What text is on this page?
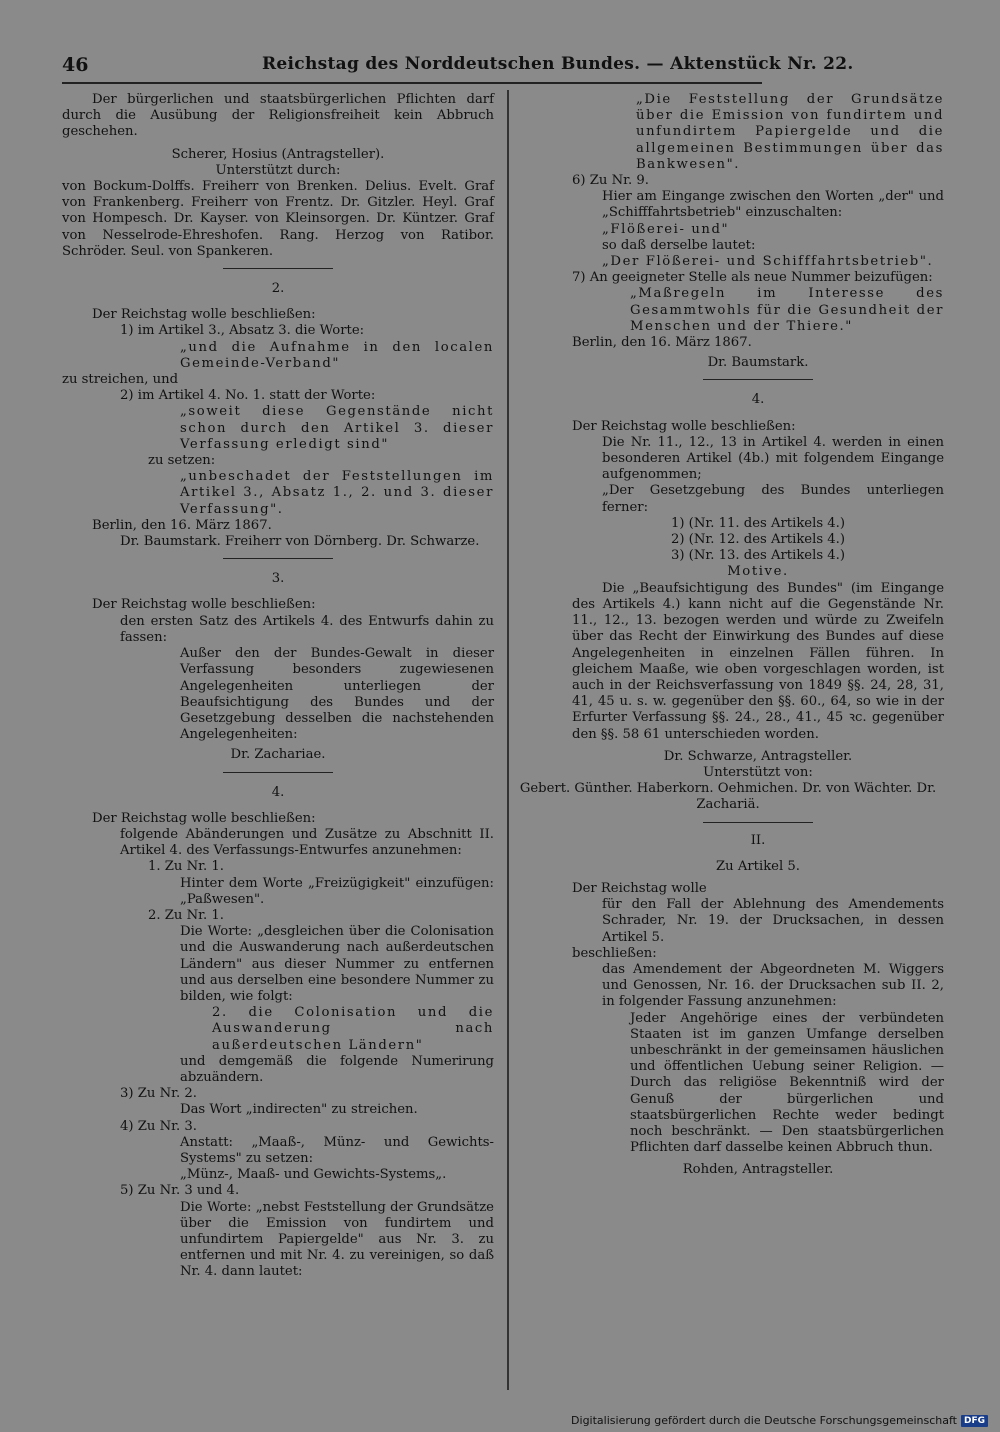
46	Reichstag des Norddeutschen Bundes. — Aktenstück Nr. 22.

Der bürgerlichen und staatsbürgerlichen Pflichten darf durch die Ausübung der Religionsfreiheit kein Abbruch geschehen.

Scherer, Hosius (Antragsteller).

Unterstützt durch:

von Bockum-Dolffs. Freiherr von Brenken. Delius. Evelt. Graf von Frankenberg. Freiherr von Frentz. Dr. Gitzler. Heyl. Graf von Hompesch. Dr. Kayser. von Kleinsorgen. Dr. Küntzer. Graf von Nesselrode-Ehreshofen. Rang. Herzog von Ratibor. Schröder. Seul. von Spankeren.

2.

Der Reichstag wolle beschließen:

1) im Artikel 3., Absatz 3. die Worte:

„und die Aufnahme in den localen Gemeinde-Verband"

zu streichen, und

2) im Artikel 4. No. 1. statt der Worte:

„soweit diese Gegenstände nicht schon durch den Artikel 3. dieser Verfassung erledigt sind"

zu setzen:

„unbeschadet der Feststellungen im Artikel 3., Absatz 1., 2. und 3. dieser Verfassung".

Berlin, den 16. März 1867.

Dr. Baumstark. Freiherr von Dörnberg. Dr. Schwarze.

3.

Der Reichstag wolle beschließen:

den ersten Satz des Artikels 4. des Entwurfs dahin zu fassen:

Außer den der Bundes-Gewalt in dieser Verfassung besonders zugewiesenen Angelegenheiten unterliegen der Beaufsichtigung des Bundes und der Gesetzgebung desselben die nachstehenden Angelegenheiten:

Dr. Zachariae.

4.

Der Reichstag wolle beschließen:

folgende Abänderungen und Zusätze zu Abschnitt II. Artikel 4. des Verfassungs-Entwurfes anzunehmen:

1. Zu Nr. 1.

Hinter dem Worte „Freizügigkeit" einzufügen: „Paßwesen".

2. Zu Nr. 1.

Die Worte: „desgleichen über die Colonisation und die Auswanderung nach außerdeutschen Ländern" aus dieser Nummer zu entfernen und aus derselben eine besondere Nummer zu bilden, wie folgt:

2. die Colonisation und die Auswanderung nach außerdeutschen Ländern"

und demgemäß die folgende Numerirung abzuändern.

3) Zu Nr. 2.

Das Wort „indirecten" zu streichen.

4) Zu Nr. 3.

Anstatt: „Maaß-, Münz- und Gewichts-Systems" zu setzen:

„Münz-, Maaß- und Gewichts-Systems„.

5) Zu Nr. 3 und 4.

Die Worte: „nebst Feststellung der Grundsätze über die Emission von fundirtem und unfundirtem Papiergelde" aus Nr. 3. zu entfernen und mit Nr. 4. zu vereinigen, so daß Nr. 4. dann lautet:

„Die Feststellung der Grundsätze über die Emission von fundirtem und unfundirtem Papiergelde und die allgemeinen Bestimmungen über das Bankwesen".

6) Zu Nr. 9.

Hier am Eingange zwischen den Worten „der" und „Schifffahrtsbetrieb" einzuschalten:

„Flößerei- und"

so daß derselbe lautet:

„Der Flößerei- und Schifffahrtsbetrieb".

7) An geeigneter Stelle als neue Nummer beizufügen:

„Maßregeln im Interesse des Gesammtwohls für die Gesundheit der Menschen und der Thiere."

Berlin, den 16. März 1867.

Dr. Baumstark.

4.

Der Reichstag wolle beschließen:

Die Nr. 11., 12., 13 in Artikel 4. werden in einen besonderen Artikel (4b.) mit folgendem Eingange aufgenommen;

„Der Gesetzgebung des Bundes unterliegen ferner:

1) (Nr. 11. des Artikels 4.)

2) (Nr. 12. des Artikels 4.)

3) (Nr. 13. des Artikels 4.)

Motive.

Die „Beaufsichtigung des Bundes" (im Eingange des Artikels 4.) kann nicht auf die Gegenstände Nr. 11., 12., 13. bezogen werden und würde zu Zweifeln über das Recht der Einwirkung des Bundes auf diese Angelegenheiten in einzelnen Fällen führen. In gleichem Maaße, wie oben vorgeschlagen worden, ist auch in der Reichsverfassung von 1849 §§. 24, 28, 31, 41, 45 u. s. w. gegenüber den §§. 60., 64, so wie in der Erfurter Verfassung §§. 24., 28., 41., 45 ꝛc. gegenüber den §§. 58 61 unterschieden worden.

Dr. Schwarze, Antragsteller.

Unterstützt von:

Gebert. Günther. Haberkorn. Oehmichen. Dr. von Wächter. Dr. Zachariä.

II.

Zu Artikel 5.

Der Reichstag wolle

für den Fall der Ablehnung des Amendements Schrader, Nr. 19. der Drucksachen, in dessen Artikel 5.

beschließen:

das Amendement der Abgeordneten M. Wiggers und Genossen, Nr. 16. der Drucksachen sub II. 2, in folgender Fassung anzunehmen:

Jeder Angehörige eines der verbündeten Staaten ist im ganzen Umfange derselben unbeschränkt in der gemeinsamen häuslichen und öffentlichen Uebung seiner Religion. — Durch das religiöse Bekenntniß wird der Genuß der bürgerlichen und staatsbürgerlichen Rechte weder bedingt noch beschränkt. — Den staatsbürgerlichen Pflichten darf dasselbe keinen Abbruch thun.

Rohden, Antragsteller.

Digitalisierung gefördert durch die Deutsche Forschungsgemeinschaft DFG
